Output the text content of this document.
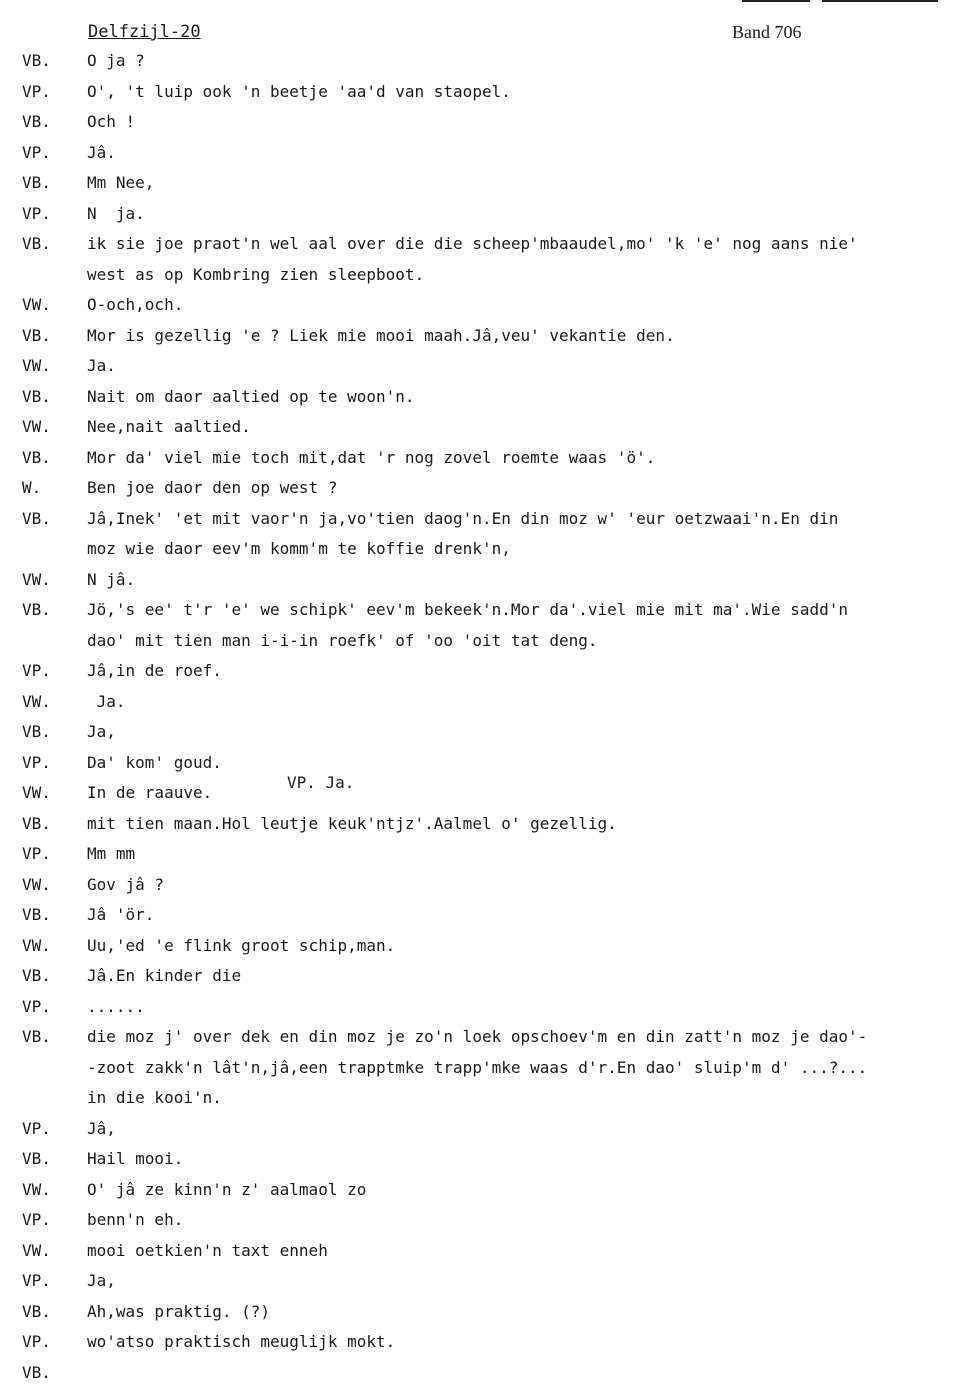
Delfzijl-20	Band 706
VB.	O ja ?
VP.	O', 't luip ook 'n beetje 'aa'd van staopel.
VB.	Och !
VP.	Jâ.
VB.	Mm Nee,
VP.	N  ja.
VB.	ik sie joe praot'n wel aal over die die scheep'mbaaudel,mo' 'k 'e' nog aans nie'
west as op Kombring zien sleepboot.
VW.	O-och,och.
VB.	Mor is gezellig 'e ? Liek mie mooi maah.Jâ,veu' vekantie den.
VW.	Ja.
VB.	Nait om daor aaltied op te woon'n.
VW.	Nee,nait aaltied.
VB.	Mor da' viel mie toch mit,dat 'r nog zovel roemte waas 'ö'.
W.	Ben joe daor den op west ?
VB.	Jâ,Inek' 'et mit vaor'n ja,vo'tien daog'n.En din moz w' 'eur oetzwaai'n.En din
moz wie daor eev'm komm'm te koffie drenk'n,
VW.	N jâ.
VB.	Jö,'s ee' t'r 'e' we schipk' eev'm bekeek'n.Mor da'.viel mie mit ma'.Wie sadd'n
dao' mit tien man i-i-in roefk' of 'oo 'oit tat deng.
VP.	Jâ,in de roef.
VW.	Ja.
VB.	Ja,
VP.	Da' kom' goud.
VW.	In de raauve.
VP. Ja.
VB.	mit tien maan.Hol leutje keuk'ntjz'.Aalmel o' gezellig.
VP.	Mm mm
VW.	Gov jâ ?
VB.	Jâ 'ör.
VW.	Uu,'ed 'e flink groot schip,man.
VB.	Jâ.En kinder die
VP.	......
VB.	die moz j' over dek en din moz je zo'n loek opschoev'm en din zatt'n moz je dao'-
-zoot zakk'n lât'n,jâ,een trapptmke trapp'mke waas d'r.En dao' sluip'm d' ...?...
in die kooi'n.
VP.	Jâ,
VB.	Hail mooi.
VW.	O' jâ ze kinn'n z' aalmaol zo
VP.	benn'n eh.
VW.	mooi oetkien'n taxt enneh
VP.	Ja,
VB.	Ah,was praktig. (?)
VP.	wo'atso praktisch meuglijk mokt.
VB.
